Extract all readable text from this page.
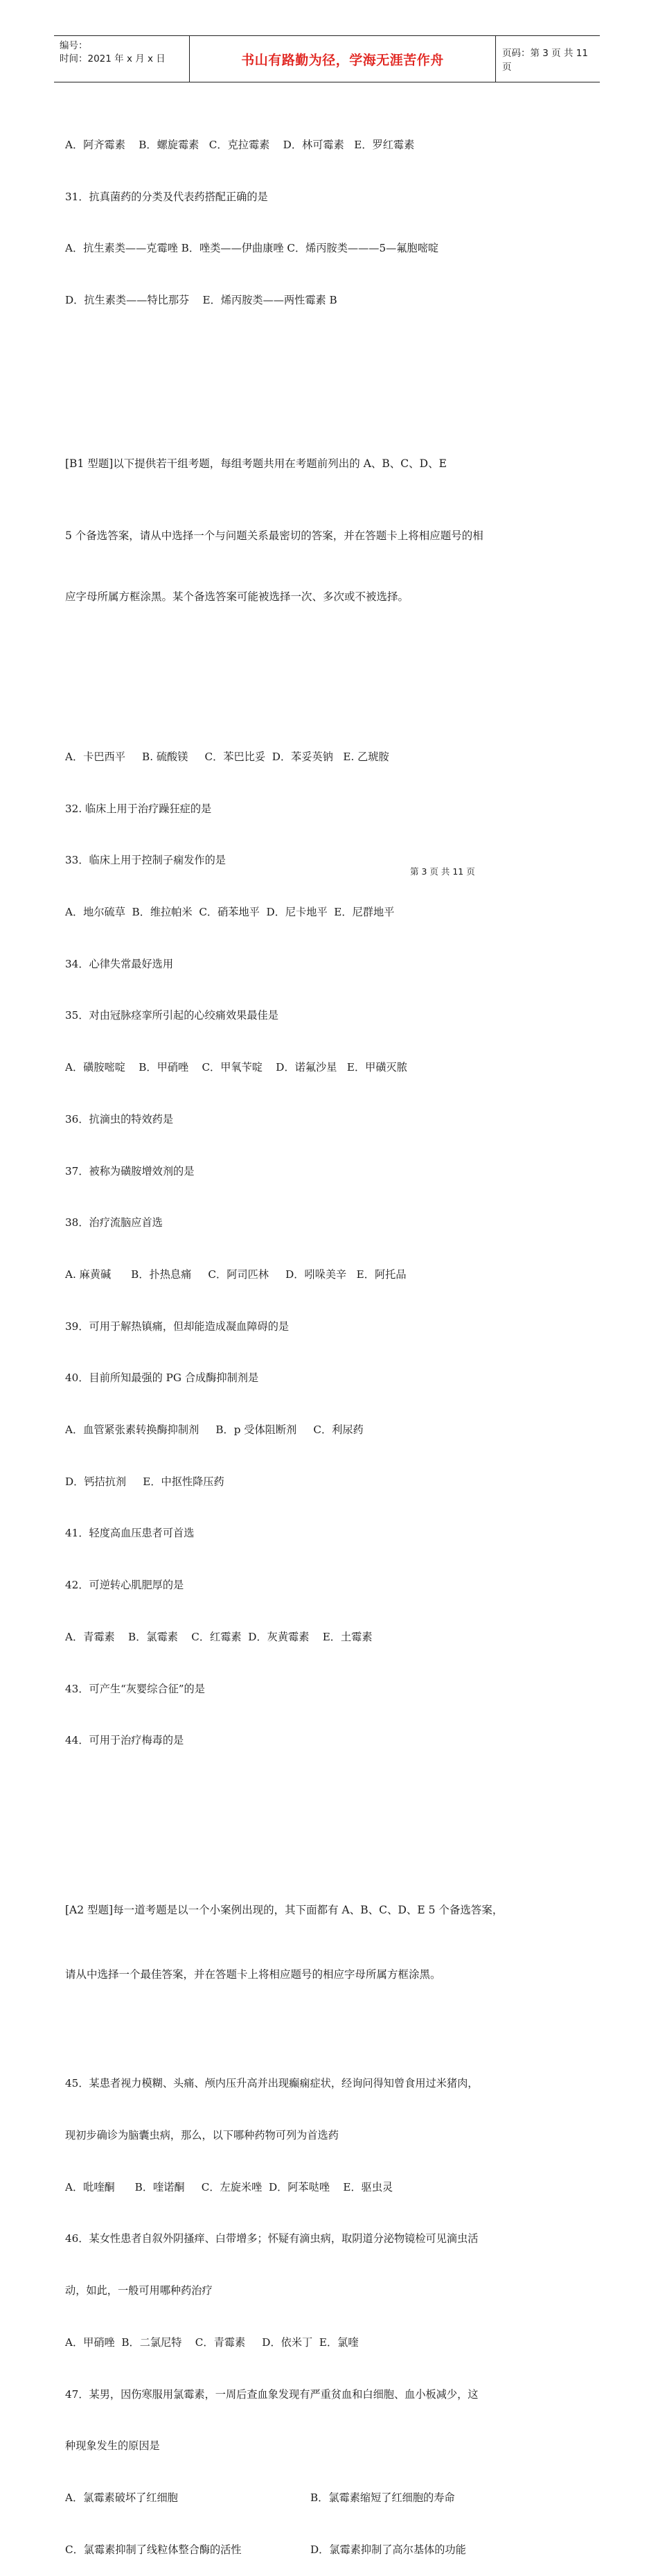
编号：
时间：2021 年 x 月 x 日	书山有路勤为径，学海无涯苦作舟	页码：第 3 页 共 11 页

A．阿齐霉素    B．螺旋霉素   C．克拉霉素    D．林可霉素   E．罗红霉素

31．抗真菌药的分类及代表药搭配正确的是

A．抗生素类——克霉唑 B．唑类——伊曲康唑 C．烯丙胺类———5—氟胞嘧啶

D．抗生素类——特比那芬    E．烯丙胺类——两性霉素 B

[B1 型题]以下提供若干组考题，每组考题共用在考题前列出的 A、B、C、D、E

5 个备选答案，请从中选择一个与问题关系最密切的答案，并在答题卡上将相应题号的相

应字母所属方框涂黑。某个备选答案可能被选择一次、多次或不被选择。

A．卡巴西平     B. 硫酸镁     C．苯巴比妥  D．苯妥英钠   E. 乙琥胺

32. 临床上用于治疗躁狂症的是

33．临床上用于控制子痫发作的是

A．地尔硫草  B．维拉帕米  C．硝苯地平  D．尼卡地平  E．尼群地平

34．心律失常最好选用

35．对由冠脉痉挛所引起的心绞痛效果最佳是

A．磺胺嘧啶    B．甲硝唑    C．甲氧苄啶    D．诺氟沙星   E．甲磺灭脓

36．抗滴虫的特效药是

37．被称为磺胺增效剂的是

38．治疗流脑应首选

A. 麻黄碱      B．扑热息痛     C．阿司匹林     D．吲哚美辛   E．阿托品

39．可用于解热镇痛，但却能造成凝血障碍的是

40．目前所知最强的 PG 合成酶抑制剂是

A．血管紧张素转换酶抑制剂     B．p 受体阻断剂     C．利尿药

D．钙拮抗剂     E．中抠性降压药

41．轻度高血压患者可首选

42．可逆转心肌肥厚的是

A．青霉素    B．氯霉素    C．红霉素  D．灰黄霉素    E．土霉素

43．可产生“灰婴综合征”的是

44．可用于治疗梅毒的是

[A2 型题]每一道考题是以一个小案例出现的，其下面都有 A、B、C、D、E 5 个备选答案，

请从中选择一个最佳答案，并在答题卡上将相应题号的相应字母所属方框涂黑。

45．某患者视力模糊、头痛、颅内压升高并出现癫痫症状，经询问得知曾食用过米猪肉，

现初步确诊为脑囊虫病，那么，以下哪种药物可列为首选药

A．吡喹酮      B．喹诺酮     C．左旋米唑  D．阿苯哒唑    E．驱虫灵

46．某女性患者自叙外阴搔痒、白带增多；怀疑有滴虫病，取阴道分泌物镜检可见滴虫活

动，如此，一般可用哪种药治疗

A．甲硝唑  B．二氯尼特    C．青霉素     D．依米丁  E．氯喹

47．某男，因伤寒服用氯霉素，一周后查血象发现有严重贫血和白细胞、血小板减少，这

种现象发生的原因是

A．氯霉素破坏了红细胞	B．氯霉素缩短了红细胞的寿命

C．氯霉素抑制了线粒体整合酶的活性	D．氯霉素抑制了高尔基体的功能

第 3 页 共 11 页
